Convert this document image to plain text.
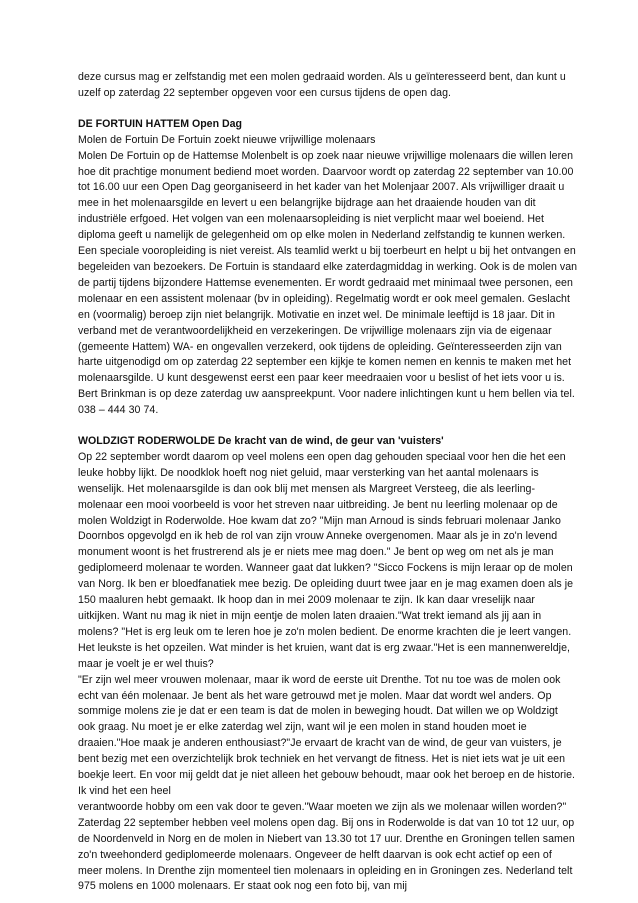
deze cursus mag er zelfstandig met een molen gedraaid worden. Als u geïnteresseerd bent, dan kunt u uzelf op zaterdag 22 september opgeven voor een cursus tijdens de open dag.

DE FORTUIN HATTEM Open Dag

Molen de Fortuin De Fortuin zoekt nieuwe vrijwillige molenaars

Molen De Fortuin op de Hattemse Molenbelt is op zoek naar nieuwe vrijwillige molenaars die willen leren hoe dit prachtige monument bediend moet worden. Daarvoor wordt op zaterdag 22 september van 10.00 tot 16.00 uur een Open Dag georganiseerd in het kader van het Molenjaar 2007. Als vrijwilliger draait u mee in het molenaarsgilde en levert u een belangrijke bijdrage aan het draaiende houden van dit industriële erfgoed. Het volgen van een molenaarsopleiding is niet verplicht maar wel boeiend. Het diploma geeft u namelijk de gelegenheid om op elke molen in Nederland zelfstandig te kunnen werken. Een speciale vooropleiding is niet vereist. Als teamlid werkt u bij toerbeurt en helpt u bij het ontvangen en begeleiden van bezoekers. De Fortuin is standaard elke zaterdagmiddag in werking. Ook is de molen van de partij tijdens bijzondere Hattemse evenementen. Er wordt gedraaid met minimaal twee personen, een molenaar en een assistent molenaar (bv in opleiding). Regelmatig wordt er ook meel gemalen. Geslacht en (voormalig) beroep zijn niet belangrijk. Motivatie en inzet wel. De minimale leeftijd is 18 jaar. Dit in verband met de verantwoordelijkheid en verzekeringen. De vrijwillige molenaars zijn via de eigenaar (gemeente Hattem) WA- en ongevallen verzekerd, ook tijdens de opleiding. Geïnteresseerden zijn van harte uitgenodigd om op zaterdag 22 september een kijkje te komen nemen en kennis te maken met het molenaarsgilde. U kunt desgewenst eerst een paar keer meedraaien voor u beslist of het iets voor u is. Bert Brinkman is op deze zaterdag uw aanspreekpunt. Voor nadere inlichtingen kunt u hem bellen via tel. 038 – 444 30 74.

WOLDZIGT RODERWOLDE De kracht van de wind, de geur van 'vuisters'

Op 22 september wordt daarom op veel molens een open dag gehouden speciaal voor hen die het een leuke hobby lijkt. De noodklok hoeft nog niet geluid, maar versterking van het aantal molenaars is wenselijk. Het molenaarsgilde is dan ook blij met mensen als Margreet Versteeg, die als leerling-molenaar een mooi voorbeeld is voor het streven naar uitbreiding. Je bent nu leerling molenaar op de molen Woldzigt in Roderwolde. Hoe kwam dat zo? "Mijn man Arnoud is sinds februari molenaar Janko Doornbos opgevolgd en ik heb de rol van zijn vrouw Anneke overgenomen. Maar als je in zo'n levend monument woont is het frustrerend als je er niets mee mag doen." Je bent op weg om net als je man gediplomeerd molenaar te worden. Wanneer gaat dat lukken? "Sicco Fockens is mijn leraar op de molen van Norg. Ik ben er bloedfanatiek mee bezig. De opleiding duurt twee jaar en je mag examen doen als je 150 maaluren hebt gemaakt. Ik hoop dan in mei 2009 molenaar te zijn. Ik kan daar vreselijk naar uitkijken. Want nu mag ik niet in mijn eentje de molen laten draaien."Wat trekt iemand als jij aan in molens? "Het is erg leuk om te leren hoe je zo'n molen bedient. De enorme krachten die je leert vangen. Het leukste is het opzeilen. Wat minder is het kruien, want dat is erg zwaar."Het is een mannenwereldje, maar je voelt je er wel thuis?

"Er zijn wel meer vrouwen molenaar, maar ik word de eerste uit Drenthe. Tot nu toe was de molen ook echt van één molenaar. Je bent als het ware getrouwd met je molen. Maar dat wordt wel anders. Op sommige molens zie je dat er een team is dat de molen in beweging houdt. Dat willen we op Woldzigt ook graag. Nu moet je er elke zaterdag wel zijn, want wil je een molen in stand houden moet ie draaien."Hoe maak je anderen enthousiast?"Je ervaart de kracht van de wind, de geur van vuisters, je bent bezig met een overzichtelijk brok techniek en het vervangt de fitness. Het is niet iets wat je uit een boekje leert. En voor mij geldt dat je niet alleen het gebouw behoudt, maar ook het beroep en de historie. Ik vind het een heel

verantwoorde hobby om een vak door te geven."Waar moeten we zijn als we molenaar willen worden?" Zaterdag 22 september hebben veel molens open dag. Bij ons in Roderwolde is dat van 10 tot 12 uur, op de Noordenveld in Norg en de molen in Niebert van 13.30 tot 17 uur. Drenthe en Groningen tellen samen zo'n tweehonderd gediplomeerde molenaars. Ongeveer de helft daarvan is ook echt actief op een of meer molens. In Drenthe zijn momenteel tien molenaars in opleiding en in Groningen zes. Nederland telt 975 molens en 1000 molenaars. Er staat ook nog een foto bij, van mij
